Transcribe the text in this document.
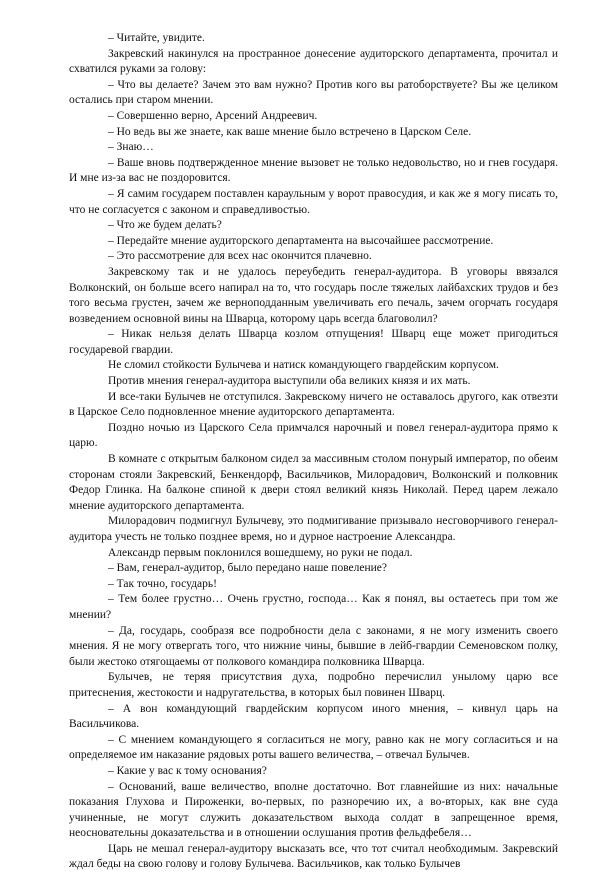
– Читайте, увидите.

Закревский накинулся на пространное донесение аудиторского департамента, прочитал и схватился руками за голову:

– Что вы делаете? Зачем это вам нужно? Против кого вы ратоборствуете? Вы же целиком остались при старом мнении.

– Совершенно верно, Арсений Андреевич.

– Но ведь вы же знаете, как ваше мнение было встречено в Царском Селе.

– Знаю…

– Ваше вновь подтвержденное мнение вызовет не только недовольство, но и гнев государя. И мне из-за вас не поздоровится.

– Я самим государем поставлен караульным у ворот правосудия, и как же я могу писать то, что не согласуется с законом и справедливостью.

– Что же будем делать?

– Передайте мнение аудиторского департамента на высочайшее рассмотрение.

– Это рассмотрение для всех нас окончится плачевно.

Закревскому так и не удалось переубедить генерал-аудитора. В уговоры ввязался Волконский, он больше всего напирал на то, что государь после тяжелых лайбахских трудов и без того весьма грустен, зачем же верноподданным увеличивать его печаль, зачем огорчать государя возведением основной вины на Шварца, которому царь всегда благоволил?

– Никак нельзя делать Шварца козлом отпущения! Шварц еще может пригодиться государевой гвардии.

Не сломил стойкости Булычева и натиск командующего гвардейским корпусом.

Против мнения генерал-аудитора выступили оба великих князя и их мать.

И все-таки Булычев не отступился. Закревскому ничего не оставалось другого, как отвезти в Царское Село подновленное мнение аудиторского департамента.

Поздно ночью из Царского Села примчался нарочный и повел генерал-аудитора прямо к царю.

В комнате с открытым балконом сидел за массивным столом понурый император, по обеим сторонам стояли Закревский, Бенкендорф, Васильчиков, Милорадович, Волконский и полковник Федор Глинка. На балконе спиной к двери стоял великий князь Николай. Перед царем лежало мнение аудиторского департамента.

Милорадович подмигнул Булычеву, это подмигивание призывало несговорчивого генерал-аудитора учесть не только позднее время, но и дурное настроение Александра.

Александр первым поклонился вошедшему, но руки не подал.

– Вам, генерал-аудитор, было передано наше повеление?

– Так точно, государь!

– Тем более грустно… Очень грустно, господа… Как я понял, вы остаетесь при том же мнении?

– Да, государь, сообразя все подробности дела с законами, я не могу изменить своего мнения. Я не могу отвергать того, что нижние чины, бывшие в лейб-гвардии Семеновском полку, были жестоко отягощаемы от полкового командира полковника Шварца.

Булычев, не теряя присутствия духа, подробно перечислил унылому царю все притеснения, жестокости и надругательства, в которых был повинен Шварц.

– А вон командующий гвардейским корпусом иного мнения, – кивнул царь на Васильчикова.

– С мнением командующего я согласиться не могу, равно как не могу согласиться и на определяемое им наказание рядовых роты вашего величества, – отвечал Булычев.

– Какие у вас к тому основания?

– Оснований, ваше величество, вполне достаточно. Вот главнейшие из них: начальные показания Глухова и Пироженки, во-первых, по разноречию их, а во-вторых, как вне суда учиненные, не могут служить доказательством выхода солдат в запрещенное время, неосновательны доказательства и в отношении ослушания против фельдфебеля…

Царь не мешал генерал-аудитору высказать все, что тот считал необходимым. Закревский ждал беды на свою голову и голову Булычева. Васильчиков, как только Булычев
